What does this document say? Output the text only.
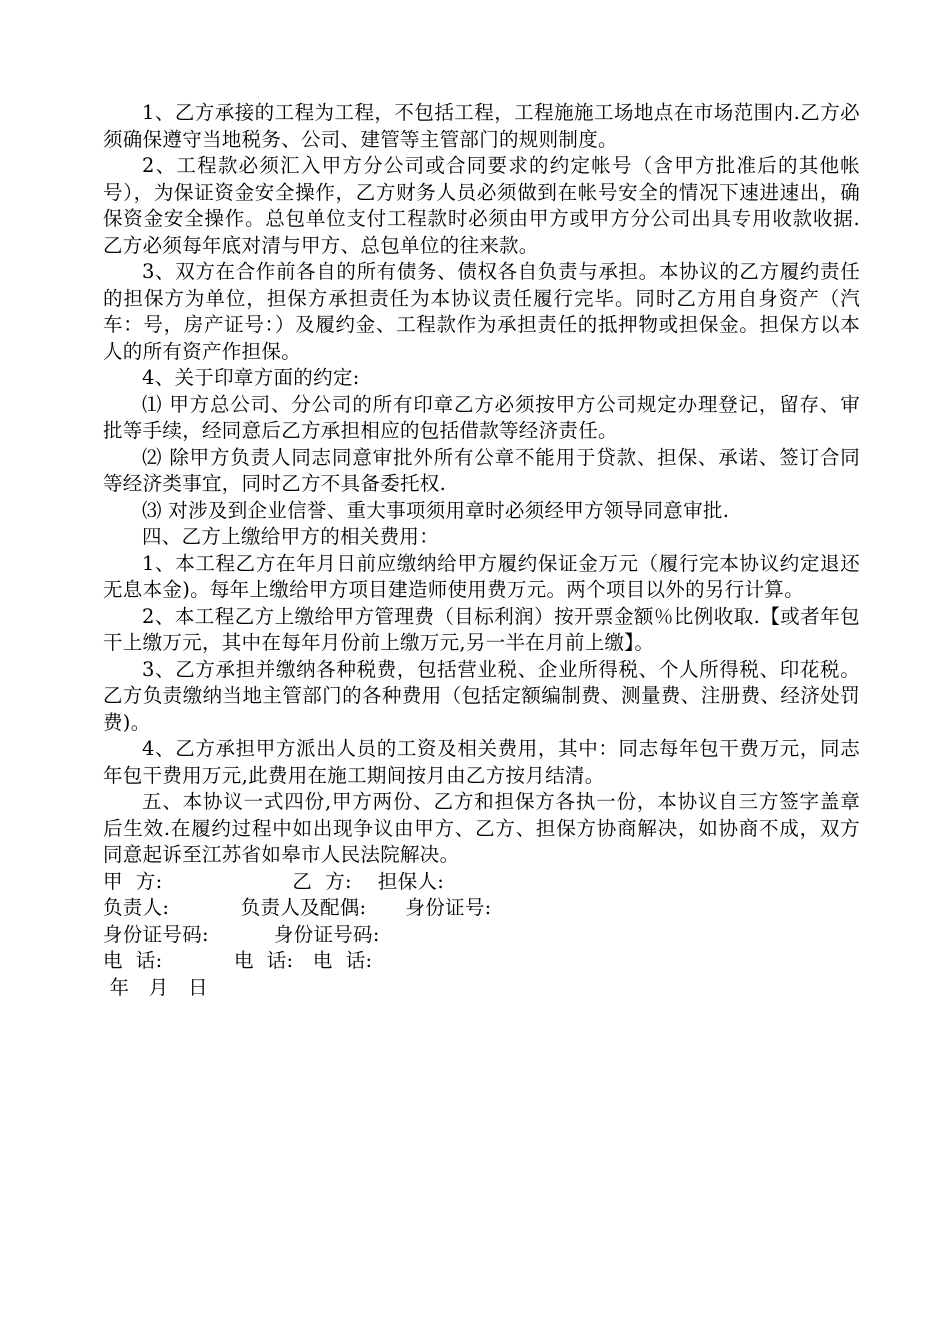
1、乙方承接的工程为工程，不包括工程，工程施施工场地点在市场范围内.乙方必须确保遵守当地税务、公司、建管等主管部门的规则制度。

2、工程款必须汇入甲方分公司或合同要求的约定帐号（含甲方批准后的其他帐号），为保证资金安全操作，乙方财务人员必须做到在帐号安全的情况下速进速出，确保资金安全操作。总包单位支付工程款时必须由甲方或甲方分公司出具专用收款收据.乙方必须每年底对清与甲方、总包单位的往来款。

3、双方在合作前各自的所有债务、债权各自负责与承担。本协议的乙方履约责任的担保方为单位，担保方承担责任为本协议责任履行完毕。同时乙方用自身资产（汽车：号，房产证号：）及履约金、工程款作为承担责任的抵押物或担保金。担保方以本人的所有资产作担保。

4、关于印章方面的约定:

⑴ 甲方总公司、分公司的所有印章乙方必须按甲方公司规定办理登记，留存、审批等手续，经同意后乙方承担相应的包括借款等经济责任。

⑵ 除甲方负责人同志同意审批外所有公章不能用于贷款、担保、承诺、签订合同等经济类事宜，同时乙方不具备委托权.

⑶ 对涉及到企业信誉、重大事项须用章时必须经甲方领导同意审批.

四、乙方上缴给甲方的相关费用：

1、本工程乙方在年月日前应缴纳给甲方履约保证金万元（履行完本协议约定退还无息本金)。每年上缴给甲方项目建造师使用费万元。两个项目以外的另行计算。

2、本工程乙方上缴给甲方管理费（目标利润）按开票金额％比例收取.【或者年包干上缴万元，其中在每年月份前上缴万元,另一半在月前上缴】。

3、乙方承担并缴纳各种税费，包括营业税、企业所得税、个人所得税、印花税。乙方负责缴纳当地主管部门的各种费用（包括定额编制费、测量费、注册费、经济处罚费)。

4、乙方承担甲方派出人员的工资及相关费用，其中：同志每年包干费万元，同志年包干费用万元,此费用在施工期间按月由乙方按月结清。

五、本协议一式四份,甲方两份、乙方和担保方各执一份，本协议自三方签字盖章后生效.在履约过程中如出现争议由甲方、乙方、担保方协商解决，如协商不成，双方同意起诉至江苏省如皋市人民法院解决。

甲  方:                    乙  方:    担保人:

负责人:           负责人及配偶:      身份证号:

身份证号码:          身份证号码:

电  话:           电  话:   电  话:

年   月   日
